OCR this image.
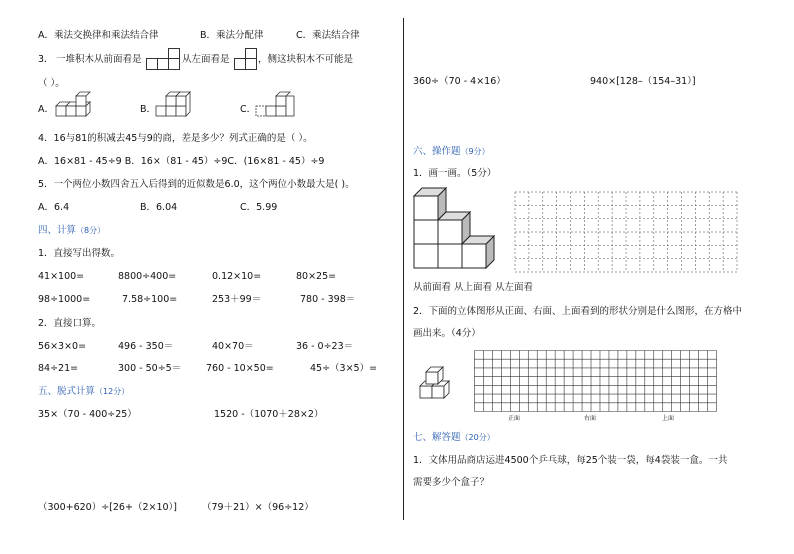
A．乘法交换律和乘法结合律	B．乘法分配律	C．乘法结合律
3． 一堆积木从前面看是	从左面看是	，侧这块积木不可能是
（ ）。
A．	B．	C．
4．16与81的积减去45与9的商，差是多少？列式正确的是（ ）。
A．16×81 - 45÷9 B．16×（81 - 45）÷9C．(16×81 - 45）÷9
5．一个两位小数四舍五入后得到的近似数是6.0，这个两位小数最大是( )。
A．6.4	B．6.04	C．5.99
四、计算（8分）
1．直接写出得数。
41×100=	8800÷400=	0.12×10=	80×25=
98÷1000=	7.58÷100=	253＋99＝	780 - 398＝
2．直接口算。
56×3×0=	496 - 350＝	40×70＝	36 - 0÷23＝
84÷21=	300 - 50÷5＝	760 - 10×50=	45÷（3×5）=
五、脱式计算（12分）
35×（70 - 400÷25）	1520 -（1070＋28×2）
（300+620）÷[26+（2×10）]	（79＋21）×（96÷12）
360÷（70 - 4×16）	940×[128–（154–31）]
六、操作题（9分）
1．画一画。（5分）
从前面看 从上面看 从左面看
2．下面的立体图形从正面、右面、上面看到的形状分别是什么图形，在方格中
画出来。（4分）
正面	右面	上面
七、解答题（20分）
1．文体用品商店运进4500个乒乓球，每25个装一袋，每4袋装一盒。一共
需要多少个盒子？
